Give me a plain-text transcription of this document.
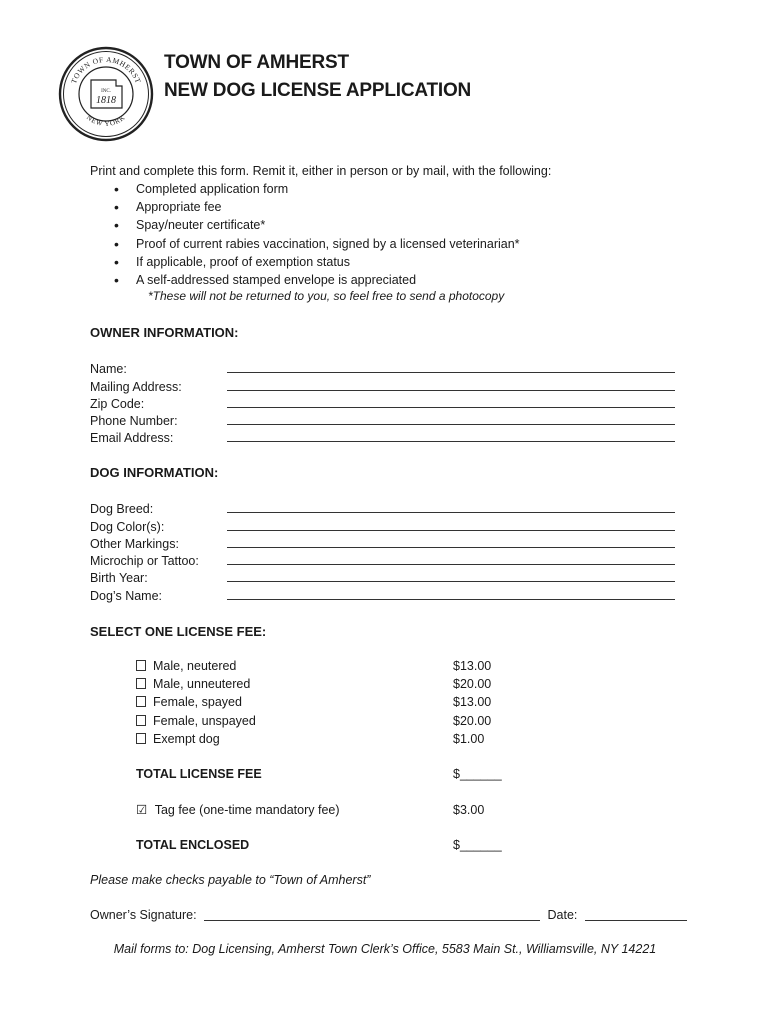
TOWN OF AMHERST
NEW YORK
INC.
1818
TOWN OF AMHERST
NEW DOG LICENSE APPLICATION
Print and complete this form. Remit it, either in person or by mail, with the following:
• Completed application form
• Appropriate fee
• Spay/neuter certificate*
• Proof of current rabies vaccination, signed by a licensed veterinarian*
• If applicable, proof of exemption status
• A self-addressed stamped envelope is appreciated
*These will not be returned to you, so feel free to send a photocopy
OWNER INFORMATION:
Name:
Mailing Address:
Zip Code:
Phone Number:
Email Address:
DOG INFORMATION:
Dog Breed:
Dog Color(s):
Other Markings:
Microchip or Tattoo:
Birth Year:
Dog’s Name:
SELECT ONE LICENSE FEE:
Male, neutered	$13.00
Male, unneutered	$20.00
Female, spayed	$13.00
Female, unspayed	$20.00
Exempt dog	$1.00
TOTAL LICENSE FEE	$______
☑ Tag fee (one-time mandatory fee)	$3.00
TOTAL ENCLOSED	$______
Please make checks payable to “Town of Amherst”
Owner’s Signature:	Date:
Mail forms to: Dog Licensing, Amherst Town Clerk’s Office, 5583 Main St., Williamsville, NY 14221
